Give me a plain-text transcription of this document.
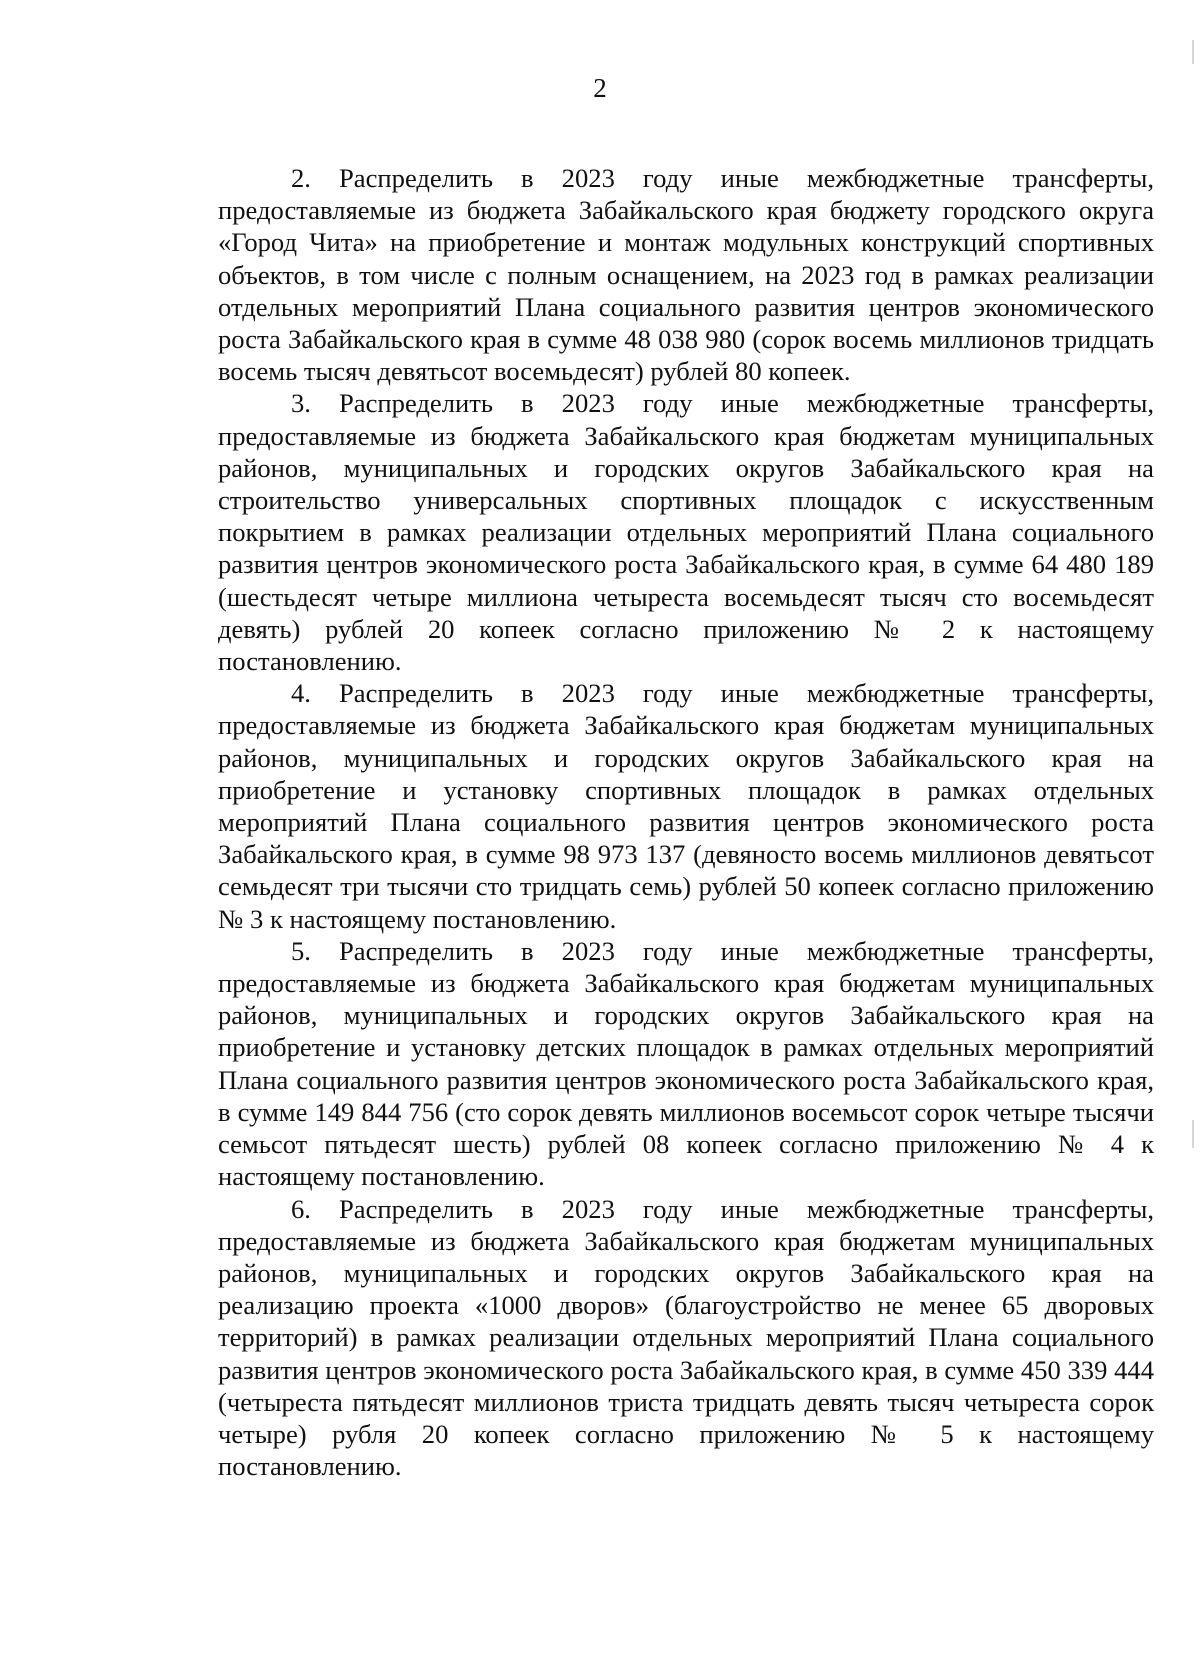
2

2. Распределить в 2023 году иные межбюджетные трансферты, предоставляемые из бюджета Забайкальского края бюджету городского округа «Город Чита» на приобретение и монтаж модульных конструкций спортивных объектов, в том числе с полным оснащением, на 2023 год в рамках реализации отдельных мероприятий Плана социального развития центров экономического роста Забайкальского края в сумме 48 038 980 (сорок восемь миллионов тридцать восемь тысяч девятьсот восемьдесят) рублей 80 копеек.

3. Распределить в 2023 году иные межбюджетные трансферты, предоставляемые из бюджета Забайкальского края бюджетам муниципальных районов, муниципальных и городских округов Забайкальского края на строительство универсальных спортивных площадок с искусственным покрытием в рамках реализации отдельных мероприятий Плана социального развития центров экономического роста Забайкальского края, в сумме 64 480 189 (шестьдесят четыре миллиона четыреста восемьдесят тысяч сто восемьдесят девять) рублей 20 копеек согласно приложению № 2 к настоящему постановлению.

4. Распределить в 2023 году иные межбюджетные трансферты, предоставляемые из бюджета Забайкальского края бюджетам муниципальных районов, муниципальных и городских округов Забайкальского края на приобретение и установку спортивных площадок в рамках отдельных мероприятий Плана социального развития центров экономического роста Забайкальского края, в сумме 98 973 137 (девяносто восемь миллионов девятьсот семьдесят три тысячи сто тридцать семь) рублей 50 копеек согласно приложению № 3 к настоящему постановлению.

5. Распределить в 2023 году иные межбюджетные трансферты, предоставляемые из бюджета Забайкальского края бюджетам муниципальных районов, муниципальных и городских округов Забайкальского края на приобретение и установку детских площадок в рамках отдельных мероприятий Плана социального развития центров экономического роста Забайкальского края, в сумме 149 844 756 (сто сорок девять миллионов восемьсот сорок четыре тысячи семьсот пятьдесят шесть) рублей 08 копеек согласно приложению № 4 к настоящему постановлению.

6. Распределить в 2023 году иные межбюджетные трансферты, предоставляемые из бюджета Забайкальского края бюджетам муниципальных районов, муниципальных и городских округов Забайкальского края на реализацию проекта «1000 дворов» (благоустройство не менее 65 дворовых территорий) в рамках реализации отдельных мероприятий Плана социального развития центров экономического роста Забайкальского края, в сумме 450 339 444 (четыреста пятьдесят миллионов триста тридцать девять тысяч четыреста сорок четыре) рубля 20 копеек согласно приложению № 5 к настоящему постановлению.
